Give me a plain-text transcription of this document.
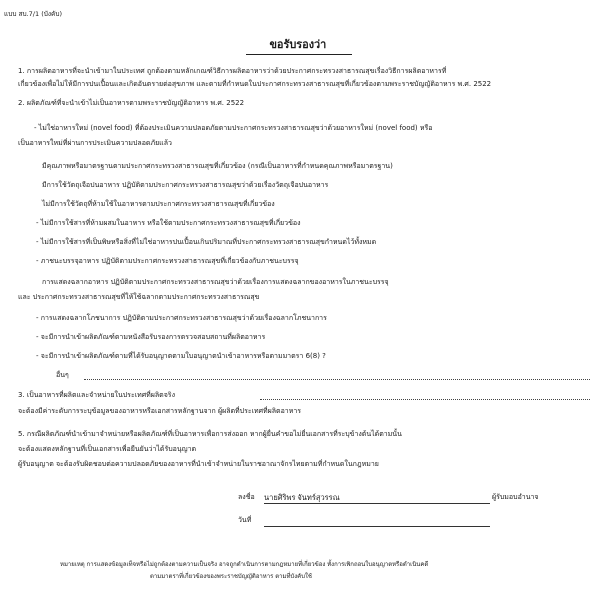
แบบ สบ.7/1 (บังคับ)
ขอรับรองว่า
1. การผลิตอาหารที่จะนำเข้ามาในประเทศ ถูกต้องตามหลักเกณฑ์วิธีการผลิตอาหารว่าด้วยประกาศกระทรวงสาธารณสุขเรื่องวิธีการผลิตอาหารที่
เกี่ยวข้องเพื่อไม่ให้มีการปนเปื้อนและเกิดอันตรายต่อสุขภาพ และตามที่กำหนดในประกาศกระทรวงสาธารณสุขที่เกี่ยวข้องตามพระราชบัญญัติอาหาร พ.ศ. 2522
2. ผลิตภัณฑ์ที่จะนำเข้าไม่เป็นอาหารตามพระราชบัญญัติอาหาร พ.ศ. 2522
- ไม่ใช่อาหารใหม่ (novel food) ที่ต้องประเมินความปลอดภัยตามประกาศกระทรวงสาธารณสุขว่าด้วยอาหารใหม่ (novel food) หรือ
เป็นอาหารใหม่ที่ผ่านการประเมินความปลอดภัยแล้ว
มีคุณภาพหรือมาตรฐานตามประกาศกระทรวงสาธารณสุขที่เกี่ยวข้อง (กรณีเป็นอาหารที่กำหนดคุณภาพหรือมาตรฐาน)
มีการใช้วัตถุเจือปนอาหาร ปฏิบัติตามประกาศกระทรวงสาธารณสุขว่าด้วยเรื่องวัตถุเจือปนอาหาร
ไม่มีการใช้วัตถุที่ห้ามใช้ในอาหารตามประกาศกระทรวงสาธารณสุขที่เกี่ยวข้อง
- ไม่มีการใช้สารที่ห้ามผสมในอาหาร หรือใช้ตามประกาศกระทรวงสาธารณสุขที่เกี่ยวข้อง
- ไม่มีการใช้สารที่เป็นพิษหรือสิ่งที่ไม่ใช่อาหารปนเปื้อนเกินปริมาณที่ประกาศกระทรวงสาธารณสุขกำหนดไว้ทั้งหมด
- ภาชนะบรรจุอาหาร ปฏิบัติตามประกาศกระทรวงสาธารณสุขที่เกี่ยวข้องกับภาชนะบรรจุ
การแสดงฉลากอาหาร ปฏิบัติตามประกาศกระทรวงสาธารณสุขว่าด้วยเรื่องการแสดงฉลากของอาหารในภาชนะบรรจุ
และ ประกาศกระทรวงสาธารณสุขที่ให้ใช้ฉลากตามประกาศกระทรวงสาธารณสุข
- การแสดงฉลากโภชนาการ ปฏิบัติตามประกาศกระทรวงสาธารณสุขว่าด้วยเรื่องฉลากโภชนาการ
- จะมีการนำเข้าผลิตภัณฑ์ตามหนังสือรับรองการตรวจสอบสถานที่ผลิตอาหาร
- จะมีการนำเข้าผลิตภัณฑ์ตามที่ได้รับอนุญาตตามใบอนุญาตนำเข้าอาหารหรือตามมาตรา 6(8) ?
อื่นๆ
3. เป็นอาหารที่ผลิตและจำหน่ายในประเทศที่ผลิตจริง
จะต้องมีค่าระดับการระบุข้อมูลของอาหารหรือเอกสารหลักฐานจาก ผู้ผลิตที่ประเทศที่ผลิตอาหาร
5. กรณีผลิตภัณฑ์นำเข้ามาจำหน่ายหรือผลิตภัณฑ์ที่เป็นอาหารเพื่อการส่งออก หากผู้ยื่นคำขอไม่ยื่นเอกสารที่ระบุข้างต้นได้ตามนั้น
จะต้องแสดงหลักฐานที่เป็นเอกสารเพื่อยืนยันว่าได้รับอนุญาต
ผู้รับอนุญาต จะต้องรับผิดชอบต่อความปลอดภัยของอาหารที่นำเข้าจำหน่ายในราชอาณาจักรไทยตามที่กำหนดในกฎหมาย
ลงชื่อ นายศิริพร จันทร์สุวรรณ	ผู้รับมอบอำนาจ
วันที่
หมายเหตุ การแสดงข้อมูลเท็จหรือไม่ถูกต้องตามความเป็นจริง อาจถูกดำเนินการตามกฎหมายที่เกี่ยวข้อง ทั้งการเพิกถอนใบอนุญาตหรือดำเนินคดี
ตามมาตราที่เกี่ยวข้องของพระราชบัญญัติอาหาร ตามที่บังคับใช้
